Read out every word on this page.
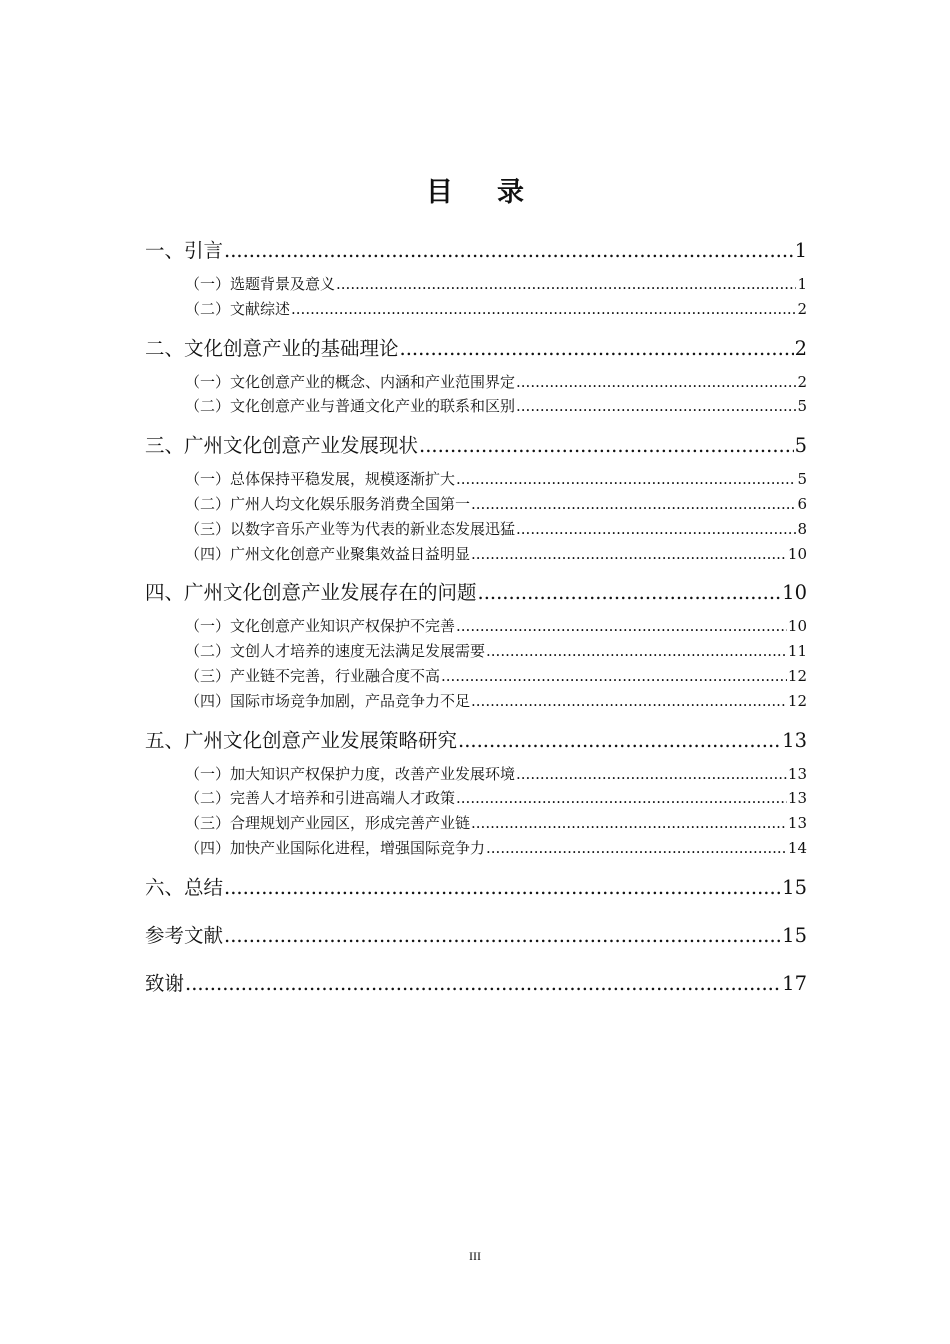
目 录
一、引言 .....	1
（一）选题背景及意义 .....	1
（二）文献综述 .....	2
二、文化创意产业的基础理论 .....	2
（一）文化创意产业的概念、内涵和产业范围界定 .....	2
（二）文化创意产业与普通文化产业的联系和区别 .....	5
三、广州文化创意产业发展现状 .....	5
（一）总体保持平稳发展，规模逐渐扩大 .....	5
（二）广州人均文化娱乐服务消费全国第一 .....	6
（三）以数字音乐产业等为代表的新业态发展迅猛 .....	8
（四）广州文化创意产业聚集效益日益明显 .....	10
四、广州文化创意产业发展存在的问题 .....	10
（一）文化创意产业知识产权保护不完善 .....	10
（二）文创人才培养的速度无法满足发展需要 .....	11
（三）产业链不完善，行业融合度不高 .....	12
（四）国际市场竞争加剧，产品竞争力不足 .....	12
五、广州文化创意产业发展策略研究 .....	13
（一）加大知识产权保护力度，改善产业发展环境 .....	13
（二）完善人才培养和引进高端人才政策 .....	13
（三）合理规划产业园区，形成完善产业链 .....	13
（四）加快产业国际化进程，增强国际竞争力 .....	14
六、总结 .....	15
参考文献 .....	15
致谢 .....	17
III
